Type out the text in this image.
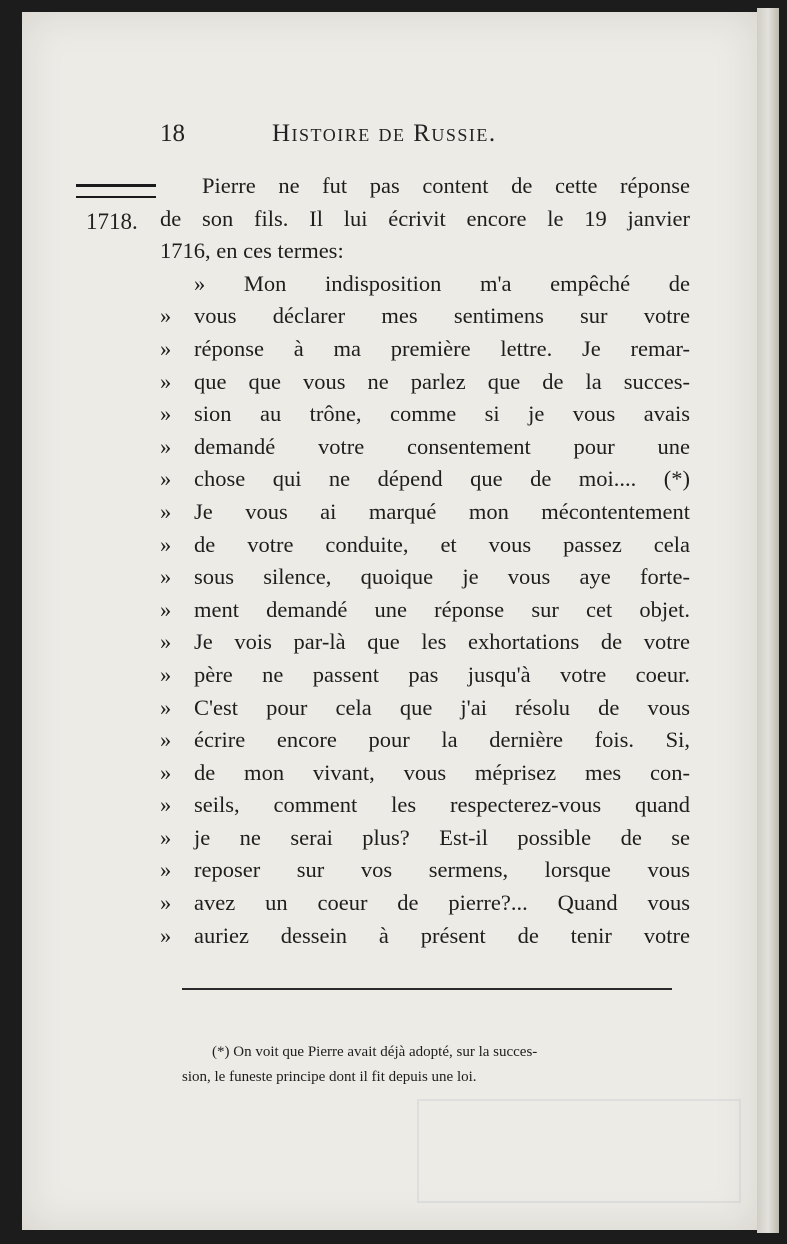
18	Histoire de Russie.
1718.
Pierre ne fut pas content de cette réponse
de son fils. Il lui écrivit encore le 19 janvier
1716, en ces termes:
» Mon indisposition m'a empêché de
» vous déclarer mes sentimens sur votre
» réponse à ma première lettre. Je remar-
» que que vous ne parlez que de la succes-
» sion au trône, comme si je vous avais
» demandé votre consentement pour une
» chose qui ne dépend que de moi.... (*)
» Je vous ai marqué mon mécontentement
» de votre conduite, et vous passez cela
» sous silence, quoique je vous aye forte-
» ment demandé une réponse sur cet objet.
» Je vois par-là que les exhortations de votre
» père ne passent pas jusqu'à votre coeur.
» C'est pour cela que j'ai résolu de vous
» écrire encore pour la dernière fois. Si,
» de mon vivant, vous méprisez mes con-
» seils, comment les respecterez-vous quand
» je ne serai plus? Est-il possible de se
» reposer sur vos sermens, lorsque vous
» avez un coeur de pierre?... Quand vous
» auriez dessein à présent de tenir votre
(*) On voit que Pierre avait déjà adopté, sur la succes-
sion, le funeste principe dont il fit depuis une loi.
